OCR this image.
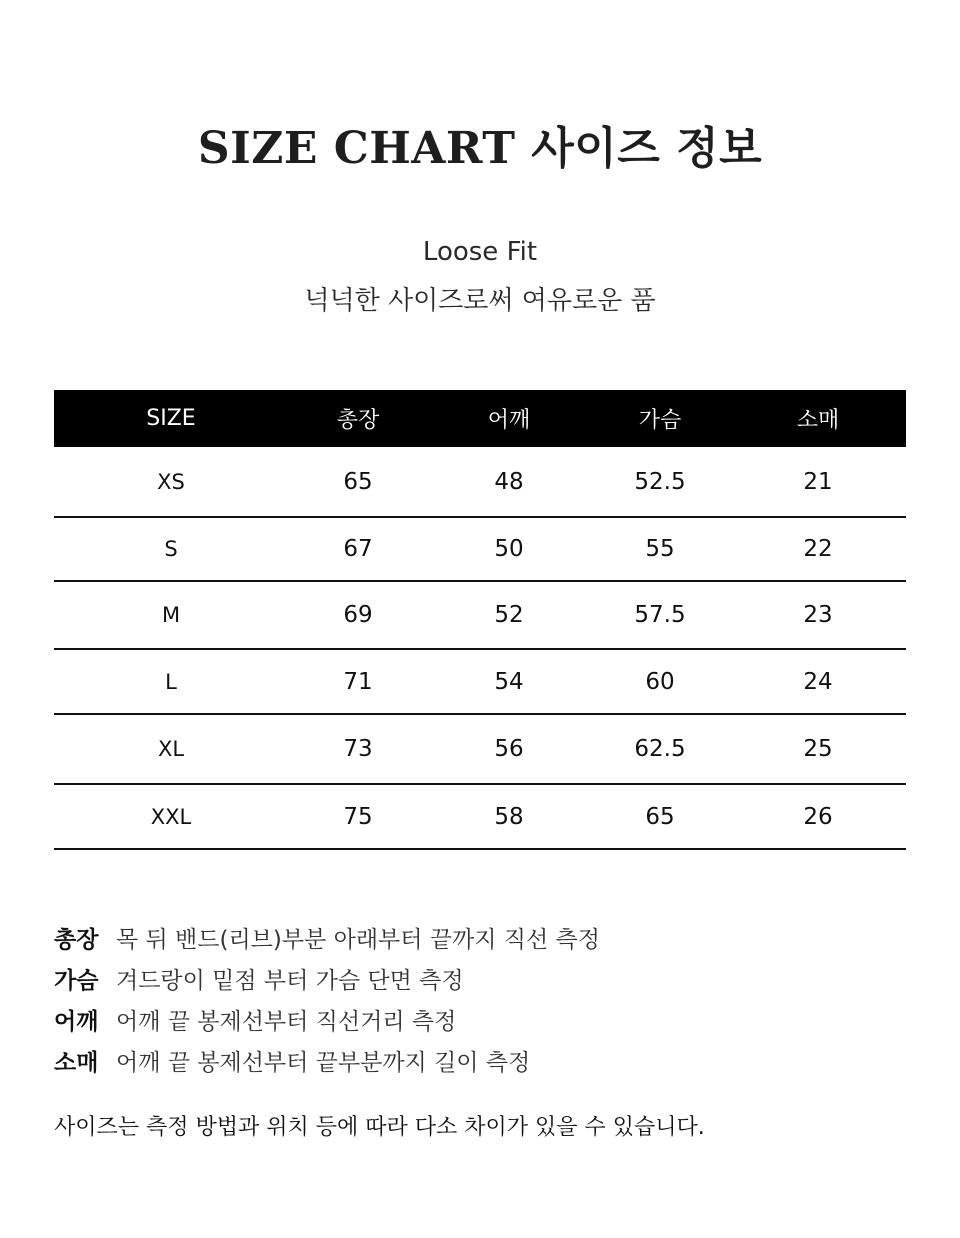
SIZE CHART 사이즈 정보
Loose Fit
넉넉한 사이즈로써 여유로운 품
SIZE	총장	어깨	가슴	소매
XS	65	48	52.5	21
S	67	50	55	22
M	69	52	57.5	23
L	71	54	60	24
XL	73	56	62.5	25
XXL	75	58	65	26
총장 목 뒤 밴드(리브)부분 아래부터 끝까지 직선 측정
가슴 겨드랑이 밑점 부터 가슴 단면 측정
어깨 어깨 끝 봉제선부터 직선거리 측정
소매 어깨 끝 봉제선부터 끝부분까지 길이 측정
사이즈는 측정 방법과 위치 등에 따라 다소 차이가 있을 수 있습니다.
